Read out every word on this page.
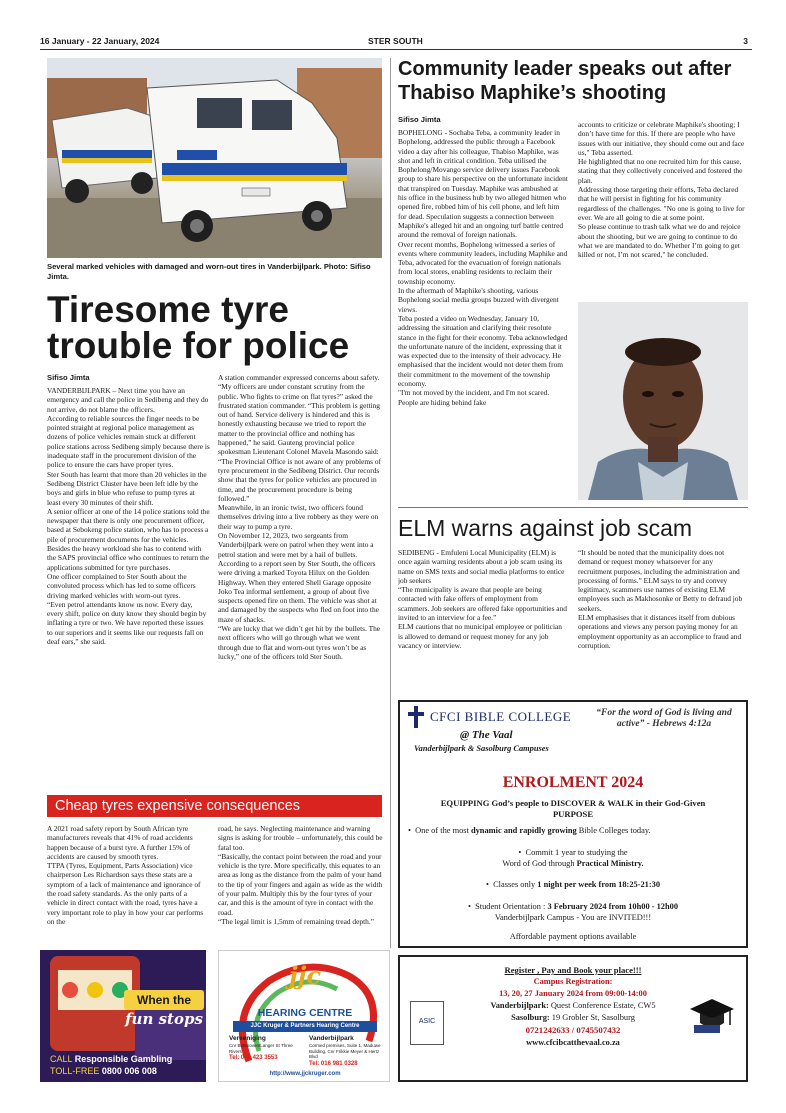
16 January - 22 January, 2024	STER SOUTH	3
Several marked vehicles with damaged and worn-out tires in Vanderbijlpark. Photo: Sifiso Jimta.
Tiresome tyre trouble for police
Sifiso Jimta
VANDERBIJLPARK – Next time you have an emergency and call the police in Sedibeng and they do not arrive, do not blame the officers.
According to reliable sources the finger needs to be pointed straight at regional police management as dozens of police vehicles remain stuck at different police stations across Sedibeng simply because there is inadequate staff in the procurement division of the police to ensure the cars have proper tyres.
Ster South has learnt that more than 20 vehicles in the Sedibeng District Cluster have been left idle by the boys and girls in blue who refuse to pump tyres at least every 30 minutes of their shift.
A senior officer at one of the 14 police stations told the newspaper that there is only one procurement officer, based at Sebokeng police station, who has to process a pile of procurement documents for the vehicles.
Besides the heavy workload she has to contend with the SAPS provincial office who continues to return the applications submitted for tyre purchases.
One officer complained to Ster South about the convoluted process which has led to some officers driving marked vehicles with worn-out tyres.
“Even petrol attendants know us now. Every day, every shift, police on duty know they should begin by inflating a tyre or two. We have reported these issues to our superiors and it seems like our requests fall on deaf ears,” she said.
A station commander expressed concerns about safety. “My officers are under constant scrutiny from the public. Who fights to crime on flat tyres?” asked the frustrated station commander. “This problem is getting out of hand. Service delivery is hindered and this is honestly exhausting because we tried to report the matter to the provincial office and nothing has happened,” he said. Gauteng provincial police spokesman Lieutenant Colonel Mavela Masondo said: “The Provincial Office is not aware of any problems of tyre procurement in the Sedibeng District. Our records show that the tyres for police vehicles are procured in time, and the procurement procedure is being followed.”
Meanwhile, in an ironic twist, two officers found themselves driving into a live robbery as they were on their way to pump a tyre.
On November 12, 2023, two sergeants from Vanderbijlpark were on patrol when they went into a petrol station and were met by a hail of bullets. According to a report seen by Ster South, the officers were driving a marked Toyota Hilux on the Golden Highway. When they entered Shell Garage opposite Joko Tea informal settlement, a group of about five suspects opened fire on them. The vehicle was shot at and damaged by the suspects who fled on foot into the maze of shacks.
“We are lucky that we didn’t get hit by the bullets. The next officers who will go through what we went through due to flat and worn-out tyres won’t be as lucky,” one of the officers told Ster South.
Cheap tyres expensive consequences
A 2021 road safety report by South African tyre manufacturers reveals that 41% of road accidents happen because of a burst tyre. A further 15% of accidents are caused by smooth tyres.
TTPA (Tyres, Equipment, Parts Association) vice chairperson Les Richardson says these stats are a symptom of a lack of maintenance and ignorance of the road safety standards. As the only parts of a vehicle in direct contact with the road, tyres have a very important role to play in how your car performs on the
road, he says. Neglecting maintenance and warning signs is asking for trouble – unfortunately, this could be fatal too.
“Basically, the contact point between the road and your vehicle is the tyre. More specifically, this equates to an area as long as the distance from the palm of your hand to the tip of your fingers and again as wide as the width of your palm. Multiply this by the four tyres of your car, and this is the amount of tyre in contact with the road.
“The legal limit is 1,5mm of remaining tread depth.”
Community leader speaks out after Thabiso Maphike’s shooting
Sifiso Jimta
BOPHELONG - Sochaba Teba, a community leader in Bophelong, addressed the public through a Facebook video a day after his colleague, Thabiso Maphike, was shot and left in critical condition. Teba utilised the Bophelong/Movango service delivery issues Facebook group to share his perspective on the unfortunate incident that transpired on Tuesday. Maphike was ambushed at his office in the business hub by two alleged hitmen who opened fire, robbed him of his cell phone, and left him for dead. Speculation suggests a connection between Maphike's alleged hit and an ongoing turf battle centred around the removal of foreign nationals.
Over recent months, Bophelong witnessed a series of events where community leaders, including Maphike and Teba, advocated for the evacuation of foreign nationals from local stores, enabling residents to reclaim their township economy.
In the aftermath of Maphike's shooting, various Bophelong social media groups buzzed with divergent views.
Teba posted a video on Wednesday, January 10, addressing the situation and clarifying their resolute stance in the fight for their economy. Teba acknowledged the unfortunate nature of the incident, expressing that it was expected due to the intensity of their advocacy. He emphasised that the incident would not deter them from their commitment to the movement of the township economy.
"I'm not moved by the incident, and I'm not scared. People are hiding behind fake
accounts to criticize or celebrate Maphike's shooting; I don’t have time for this. If there are people who have issues with our initiative, they should come out and face us," Teba asserted.
He highlighted that no one recruited him for this cause, stating that they collectively conceived and fostered the plan.
Addressing those targeting their efforts, Teba declared that he will persist in fighting for his community regardless of the challenges. "No one is going to live for ever. We are all going to die at some point.
So please continue to trash talk what we do and rejoice about the shooting, but we are going to continue to do what we are mandated to do. Whether I’m going to get killed or not, I’m not scared," he concluded.
ELM warns against job scam
SEDIBENG - Emfuleni Local Municipality (ELM) is once again warning residents about a job scam using its name on SMS texts and social media platforms to entice job seekers
“The municipality is aware that people are being contacted with fake offers of employment from scammers. Job seekers are offered fake opportunities and invited to an interview for a fee.”
ELM cautions that no municipal employee or politician is allowed to demand or request money for any job vacancy or interview.
“It should be noted that the municipality does not demand or request money whatsoever for any recruitment purposes, including the administration and processing of forms.” ELM says to try and convey legitimacy, scammers use names of existing ELM employees such as Makhosonke or Betty to defraud job seekers.
ELM emphasises that it distances itself from dubious operations and views any person paying money for an employment opportunity as an accomplice to fraud and corruption.
CFCI BIBLE COLLEGE
@ The Vaal
Vanderbijlpark & Sasolburg Campuses
“For the word of God is living and active” - Hebrews 4:12a
ENROLMENT 2024
EQUIPPING God’s people to DISCOVER & WALK in their God-Given PURPOSE
•  One of the most dynamic and rapidly growing Bible Colleges today.
•  Commit 1 year to studying the
Word of God through Practical Ministry.
•  Classes only 1 night per week from 18:25-21:30
•  Student Orientation : 3 February 2024 from 10h00 - 12h00
Vanderbijlpark Campus - You are INVITED!!!
Affordable payment options available
Register , Pay and Book your place!!!
Campus Registration:
13, 20, 27 January 2024 from 09:00-14:00
Vanderbijlpark: Quest Conference Estate, CW5
Sasolburg: 19 Grobler St, Sasolburg
0721242633 / 0745507432
www.cfcibcatthevaal.co.za
ASIC
When the
fun stops
CALL Responsible Gambling
TOLL-FREE 0800 006 008
jjc
HEARING CENTRE
JJC Kruger & Partners Hearing Centre
Vereeniging
Cnr Beethoven/Langer St Three Rivers
Tel: 016 423 3553
Vanderbijlpark
Cormed premises, Suite 1, Maduwe Building, Cnr Frikkie Meyer & Hertz Blvd
Tel: 016 981 0328
http://www.jjckruger.com
